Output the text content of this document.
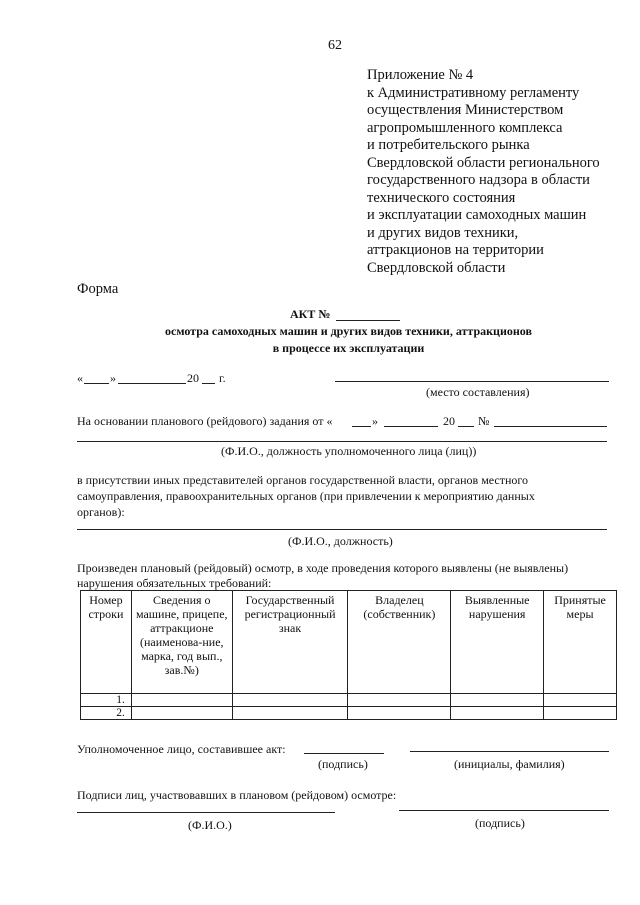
62
Приложение № 4
к Административному регламенту
осуществления Министерством
агропромышленного комплекса
и потребительского рынка
Свердловской области регионального
государственного надзора в области
технического состояния
и эксплуатации самоходных машин
и других видов техники,
аттракционов на территории
Свердловской области
Форма
АКТ №
осмотра самоходных машин и других видов техники, аттракционов
в процессе их эксплуатации
« »	20 г.
(место составления)
На основании планового (рейдового) задания от «	»	20 №
(Ф.И.О., должность уполномоченного лица (лиц))
в присутствии иных представителей органов государственной власти, органов местного
самоуправления, правоохранительных органов (при привлечении к мероприятию данных
органов):
(Ф.И.О., должность)
Произведен плановый (рейдовый) осмотр, в ходе проведения которого выявлены (не выявлены)
нарушения обязательных требований:
Номер строки	Сведения о машине, прицепе, аттракционе (наименова-ние, марка, год вып., зав.№)	Государственный регистрационный знак	Владелец (собственник)	Выявленные нарушения	Принятые меры
1.					
2.					
Уполномоченное лицо, составившее акт:
(подпись)	(инициалы, фамилия)
Подписи лиц, участвовавших в плановом (рейдовом) осмотре:
(Ф.И.О.)	(подпись)
